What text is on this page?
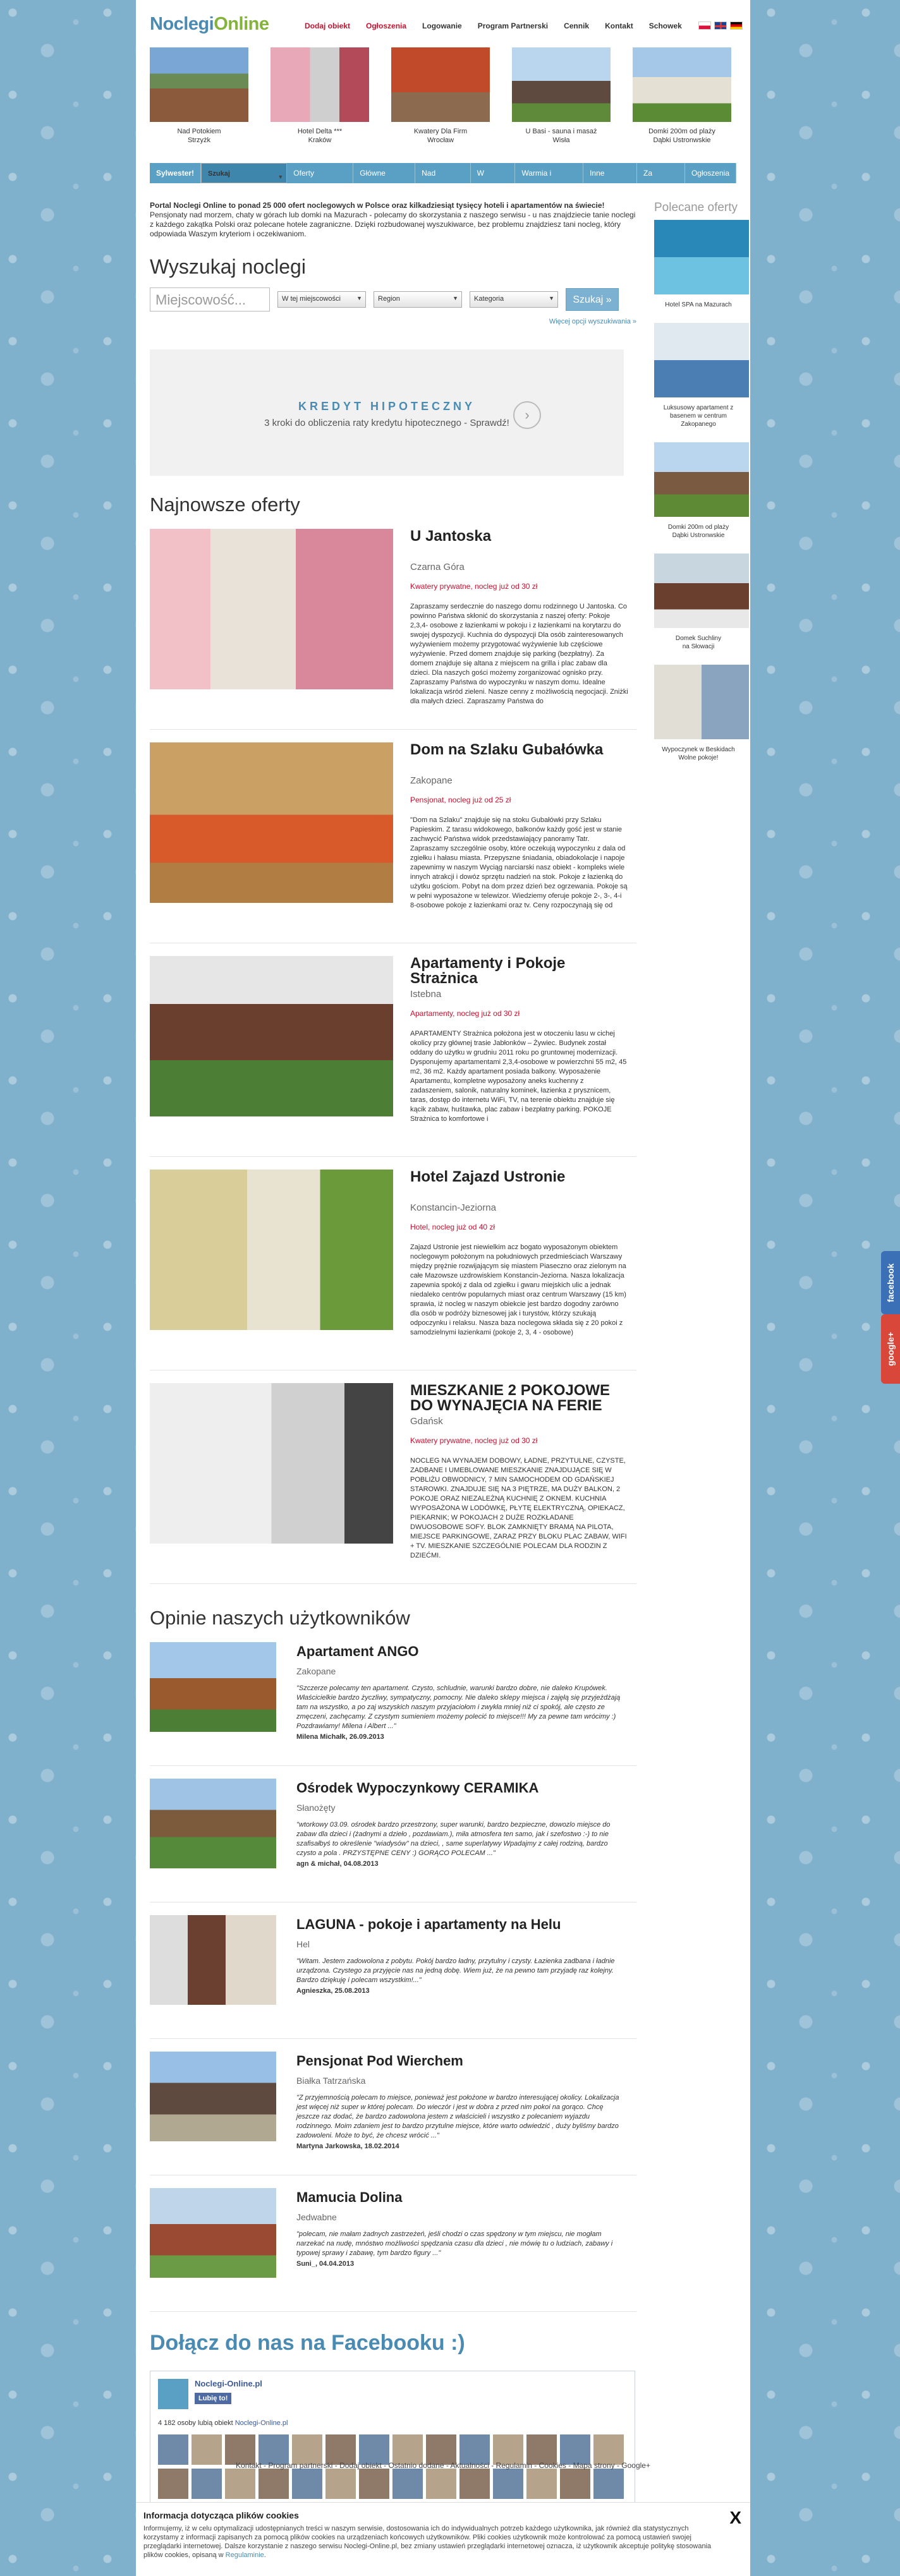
NoclegiOnline	Dodaj obiekt Ogłoszenia Logowanie Program Partnerski Cennik Kontakt Schowek
Nad Potokiem
Strzyżk
Hotel Delta ***
Kraków
Kwatery Dla Firm
Wrocław
U Basi - sauna i masaż
Wisła
Domki 200m od plaży
Dąbki Ustronwskie
Sylwester!	Szukaj ▼	Oferty specjalne
Główne miasta
Nad morzem
W górach
Warmia i Mazury
Inne regiony
Za granicą
Ogłoszenia

Portal Noclegi Online to ponad 25 000 ofert noclegowych w Polsce oraz kilkadziesiąt tysięcy hoteli i apartamentów na świecie! Pensjonaty nad morzem, chaty w górach lub domki na Mazurach - polecamy do skorzystania z naszego serwisu - u nas znajdziecie tanie noclegi z każdego zakątka Polski oraz polecane hotele zagraniczne. Dzięki rozbudowanej wyszukiwarce, bez problemu znajdziesz tani nocleg, który odpowiada Waszym kryteriom i oczekiwaniom.

Wyszukaj noclegi
Miejscowość...	W tej miejscowości ▼	Region ▼	Kategoria ▼	Szukaj »
Więcej opcji wyszukiwania »
KREDYT HIPOTECZNY
3 kroki do obliczenia raty kredytu hipotecznego - Sprawdź!
›
Najnowsze oferty
U Jantoska
Czarna Góra
Kwatery prywatne, nocleg już od 30 zł
Zapraszamy serdecznie do naszego domu rodzinnego U Jantoska. Co powinno Państwa skłonić do skorzystania z naszej oferty: Pokoje 2,3,4- osobowe z łazienkami w pokoju i z łazienkami na korytarzu do swojej dyspozycji. Kuchnia do dyspozycji Dla osób zainteresowanych wyżywieniem możemy przygotować wyżywienie lub częściowe wyżywienie. Przed domem znajduje się parking (bezpłatny). Za domem znajduje się altana z miejscem na grilla i plac zabaw dla dzieci. Dla naszych gości możemy zorganizować ognisko przy. Zapraszamy Państwa do wypoczynku w naszym domu. Idealne lokalizacja wśród zieleni. Nasze cenny z możliwością negocjacji. Zniżki dla małych dzieci. Zapraszamy Państwa do
Dom na Szlaku Gubałówka
Zakopane
Pensjonat, nocleg już od 25 zł
"Dom na Szlaku" znajduje się na stoku Gubałówki przy Szlaku Papieskim. Z tarasu widokowego, balkonów każdy gość jest w stanie zachwycić Państwa widok przedstawiający panoramy Tatr. Zapraszamy szczególnie osoby, które oczekują wypoczynku z dala od zgiełku i hałasu miasta. Przepyszne śniadania, obiadokolacje i napoje zapewnimy w naszym Wyciąg narciarski nasz obiekt - kompleks wiele innych atrakcji i dowóz sprzętu nadzień na stok. Pokoje z łazienką do użytku gościom. Pobyt na dom przez dzień bez ogrzewania. Pokoje są w pełni wyposażone w telewizor. Wiedziemy oferuje pokoje 2-, 3-, 4-i 8-osobowe pokoje z łazienkami oraz tv. Ceny rozpoczynają się od
Apartamenty i Pokoje Strażnica
Istebna
Apartamenty, nocleg już od 30 zł
APARTAMENTY Strażnica położona jest w otoczeniu lasu w cichej okolicy przy głównej trasie Jabłonków – Żywiec. Budynek został oddany do użytku w grudniu 2011 roku po gruntownej modernizacji. Dysponujemy apartamentami 2,3,4-osobowe w powierzchni 55 m2, 45 m2, 36 m2. Każdy apartament posiada balkony. Wyposażenie Apartamentu, kompletne wyposażony aneks kuchenny z zadaszeniem, salonik, naturalny kominek, łazienka z prysznicem, taras, dostęp do internetu WiFi, TV, na terenie obiektu znajduje się kącik zabaw, huśtawka, plac zabaw i bezpłatny parking. POKOJE Strażnica to komfortowe i
Hotel Zajazd Ustronie
Konstancin-Jeziorna
Hotel, nocleg już od 40 zł
Zajazd Ustronie jest niewielkim acz bogato wyposażonym obiektem noclegowym położonym na południowych przedmieściach Warszawy między prężnie rozwijającym się miastem Piaseczno oraz zielonym na całe Mazowsze uzdrowiskiem Konstancin-Jeziorna. Nasza lokalizacja zapewnia spokój z dala od zgiełku i gwaru miejskich ulic a jednak niedaleko centrów popularnych miast oraz centrum Warszawy (15 km) sprawia, iż nocleg w naszym obiekcie jest bardzo dogodny zarówno dla osób w podróży biznesowej jak i turystów, którzy szukają odpoczynku i relaksu. Nasza baza noclegowa składa się z 20 pokoi z samodzielnymi łazienkami (pokoje 2, 3, 4 - osobowe)
MIESZKANIE 2 POKOJOWE DO WYNAJĘCIA NA FERIE
Gdańsk
Kwatery prywatne, nocleg już od 30 zł
NOCLEG NA WYNAJEM DOBOWY, ŁADNE, PRZYTULNE, CZYSTE, ZADBANE I UMEBLOWANE MIESZKANIE ZNAJDUJĄCE SIĘ W POBLIŻU OBWODNICY, 7 MIN SAMOCHODEM OD GDAŃSKIEJ STAROWKI. ZNAJDUJE SIĘ NA 3 PIĘTRZE, MA DUŻY BALKON, 2 POKOJE ORAZ NIEZALEŻNĄ KUCHNIĘ Z OKNEM. KUCHNIA WYPOSAŻONA W LODÓWKĘ, PŁYTĘ ELEKTRYCZNĄ, OPIEKACZ, PIEKARNIK; W POKOJACH 2 DUŻE ROZKŁADANE DWUOSOBOWE SOFY. BLOK ZAMKNIĘTY BRAMĄ NA PILOTA, MIEJSCE PARKINGOWE, ZARAZ PRZY BLOKU PLAC ZABAW, WIFI + TV. MIESZKANIE SZCZEGÓLNIE POLECAM DLA RODZIN Z DZIEĆMI.
Opinie naszych użytkowników
Apartament ANGO
Zakopane
"Szczerze polecamy ten apartament. Czysto, schludnie, warunki bardzo dobre, nie daleko Krupówek. Właścicielkie bardzo życzliwy, sympatyczny, pomocny. Nie daleko sklepy miejsca i zajęłą się przyjeżdżają tam na wszystko, a po zaj wszyskich naszym przyjaciołom i zwykła mniej niż ci spokój, ale często ze zmęczeni, zachęcamy. Z czystym sumieniem możemy polecić to miejsce!!! My za pewne tam wrócimy :) Pozdrawiamy! Milena i Albert ..."
Milena Michałk, 26.09.2013
Ośrodek Wypoczynkowy CERAMIKA
Słanożęty
"wtorkowy 03.09. ośrodek bardzo przestrzony, super warunki, bardzo bezpieczne, dowozlo miejsce do zabaw dla dzieci i (żadnymi a dzieło , pozdawiam.), miła atmosfera ten samo, jak i szefostwo :-) to nie szafisałbyś to określenie "wiadysów" na dzieci, , same superlatywy Wpadajmy z całej rodziną, bardzo czysto a pola . PRZYSTĘPNE CENY :) GORĄCO POLECAM ..."
agn & michał, 04.08.2013
LAGUNA - pokoje i apartamenty na Helu
Hel
"Witam. Jestem zadowolona z pobytu. Pokój bardzo ładny, przytulny i czysty. Łazienka zadbana i ładnie urządzona. Czystego za przyjęcie nas na jedną dobę. Wiem już, że na pewno tam przyjadę raz kolejny. Bardzo dziękuję i polecam wszystkim!..."
Agnieszka, 25.08.2013
Pensjonat Pod Wierchem
Białka Tatrzańska
"Z przyjemnością polecam to miejsce, ponieważ jest położone w bardzo interesującej okolicy. Lokalizacja jest więcej niż super w której polecam. Do wieczór i jest w dobra z przed nim pokoi na gorąco. Chcę jeszcze raz dodać, że bardzo zadowolona jestem z właścicieli i wszystko z polecaniem wyjazdu rodzinnego. Moim zdaniem jest to bardzo przytulne miejsce, które warto odwiedzić , duży byliśmy bardzo zadowoleni. Może to być, że chcesz wrócić ..."
Martyna Jarkowska, 18.02.2014
Mamucia Dolina
Jedwabne
"polecam, nie małam żadnych zastrzeżeń, jeśli chodzi o czas spędzony w tym miejscu, nie mogłam narzekać na nudę, mnóstwo możliwości spędzania czasu dla dzieci , nie mówię tu o ludziach, zabawy i typowej sprawy i zabawę, tym bardzo figury ..."
Suni_, 04.04.2013
Dołącz do nas na Facebooku :)
Noclegi-Online.pl
Lubię to!
4 182 osoby lubią obiekt Noclegi-Online.pl
Polecane oferty
Hotel SPA na Mazurach
Luksusowy apartament z
basenem w centrum
Zakopanego
Domki 200m od plaży
Dąbki Ustronwskie
Domek Suchliny
na Słowacji
Wypoczynek w Beskidach
Wolne pokoje!
Kontakt - Program partnerski - Dodaj obiekt - Ostatnio dodane - Aktualności - Regulamin - Cookies - Mapa strony - Google+
Informacja dotycząca plików cookies
Informujemy, iż w celu optymalizacji udostępnianych treści w naszym serwisie, dostosowania ich do indywidualnych potrzeb każdego użytkownika, jak również dla statystycznych korzystamy z informacji zapisanych za pomocą plików cookies na urządzeniach końcowych użytkowników. Pliki cookies użytkownik może kontrolować za pomocą ustawień swojej przeglądarki internetowej. Dalsze korzystanie z naszego serwisu Noclegi-Online.pl, bez zmiany ustawień przeglądarki internetowej oznacza, iż użytkownik akceptuje politykę stosowania plików cookies, opisaną w Regulaminie.
X
facebook
google+
